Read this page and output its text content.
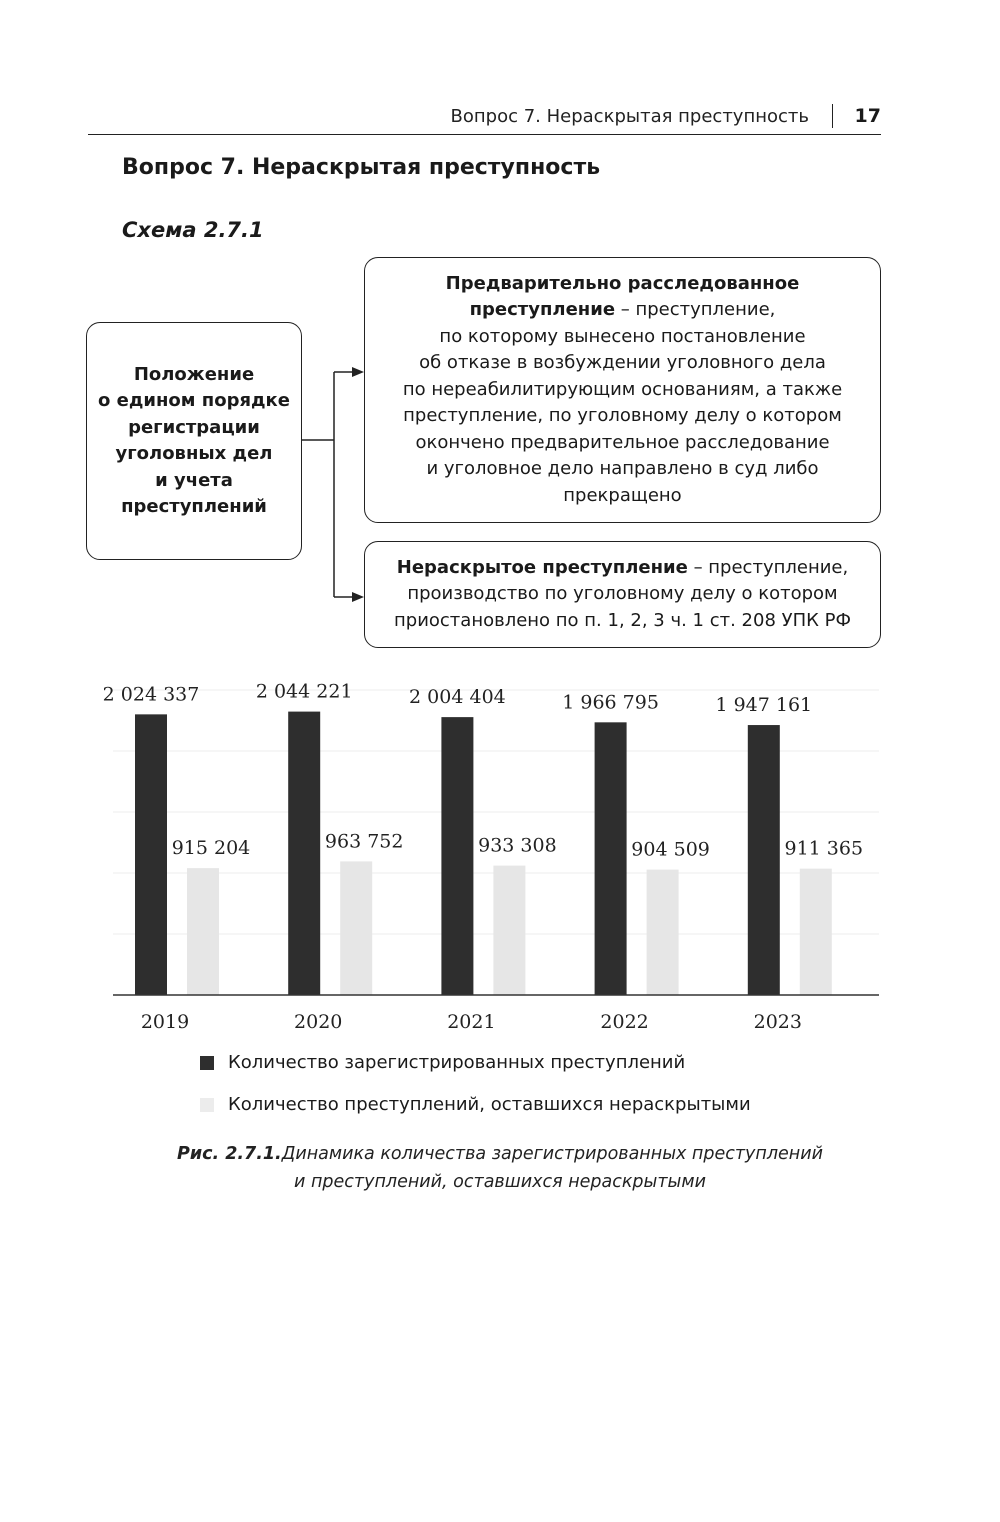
Вопрос 7. Нераскрытая преступность 17
Вопрос 7. Нераскрытая преступность
Схема 2.7.1
Положение
о едином порядке
регистрации
уголовных дел
и учета
преступлений
Предварительно расследованное
преступление – преступление,
по которому вынесено постановление
об отказе в возбуждении уголовного дела
по нереабилитирующим основаниям, а также
преступление, по уголовному делу о котором
окончено предварительное расследование
и уголовное дело направлено в суд либо
прекращено
Нераскрытое преступление – преступление,
производство по уголовному делу о котором
приостановлено по п. 1, 2, 3 ч. 1 ст. 208 УПК РФ
2 024 337
915 204
2019
2 044 221
963 752
2020
2 004 404
933 308
2021
1 966 795
904 509
2022
1 947 161
911 365
2023
Количество зарегистрированных преступлений
Количество преступлений, оставшихся нераскрытыми
Рис. 2.7.1.Динамика количества зарегистрированных преступлений
и преступлений, оставшихся нераскрытыми
